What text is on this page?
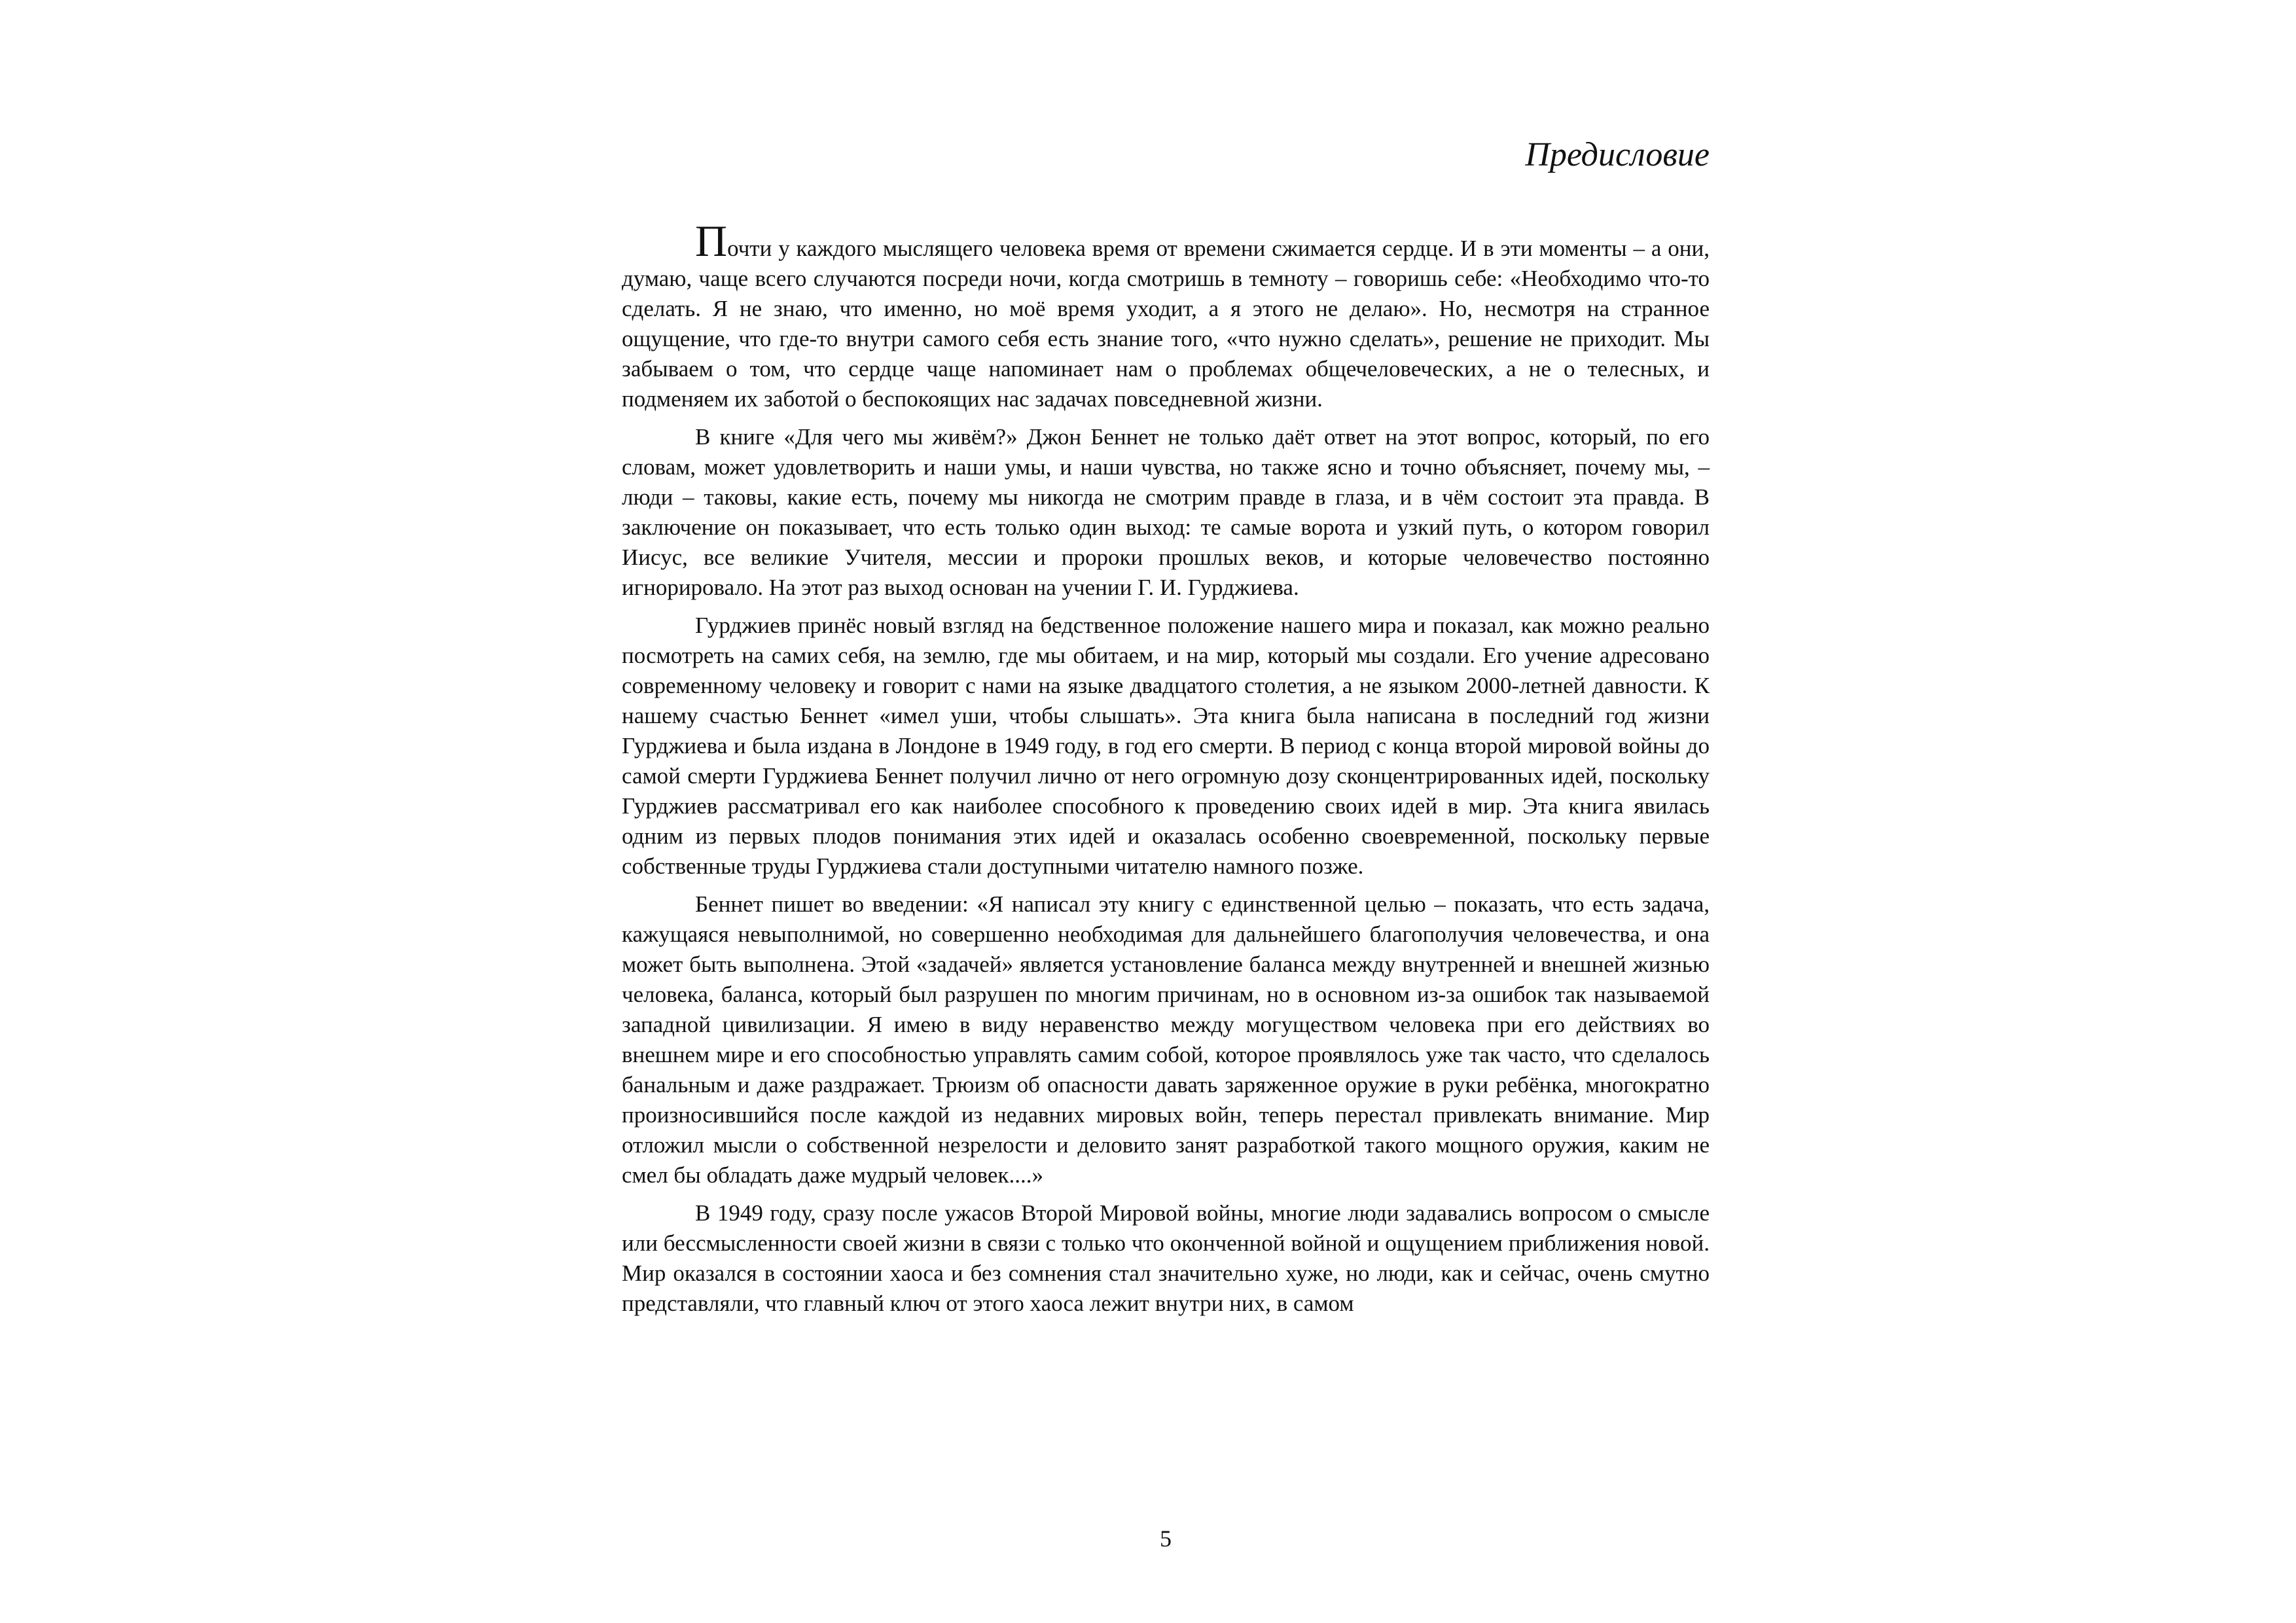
Предисловие

Почти у каждого мыслящего человека время от времени сжимается сердце. И в эти моменты – а они, думаю, чаще всего случаются посреди ночи, когда смотришь в темноту – говоришь себе: «Необходимо что-то сделать. Я не знаю, что именно, но моё время уходит, а я этого не делаю». Но, несмотря на странное ощущение, что где-то внутри самого себя есть знание того, «что нужно сделать», решение не приходит. Мы забываем о том, что сердце чаще напоминает нам о проблемах общечеловеческих, а не о телесных, и подменяем их заботой о беспокоящих нас задачах повседневной жизни.

В книге «Для чего мы живём?» Джон Беннет не только даёт ответ на этот вопрос, который, по его словам, может удовлетворить и наши умы, и наши чувства, но также ясно и точно объясняет, почему мы, – люди – таковы, какие есть, почему мы никогда не смотрим правде в глаза, и в чём состоит эта правда. В заключение он показывает, что есть только один выход: те самые ворота и узкий путь, о котором говорил Иисус, все великие Учителя, мессии и пророки прошлых веков, и которые человечество постоянно игнорировало. На этот раз выход основан на учении Г. И. Гурджиева.

Гурджиев принёс новый взгляд на бедственное положение нашего мира и показал, как можно реально посмотреть на самих себя, на землю, где мы обитаем, и на мир, который мы создали. Его учение адресовано современному человеку и говорит с нами на языке двадцатого столетия, а не языком 2000-летней давности. К нашему счастью Беннет «имел уши, чтобы слышать». Эта книга была написана в последний год жизни Гурджиева и была издана в Лондоне в 1949 году, в год его смерти. В период с конца второй мировой войны до самой смерти Гурджиева Беннет получил лично от него огромную дозу сконцентрированных идей, поскольку Гурджиев рассматривал его как наиболее способного к проведению своих идей в мир. Эта книга явилась одним из первых плодов понимания этих идей и оказалась особенно своевременной, поскольку первые собственные труды Гурджиева стали доступными читателю намного позже.

Беннет пишет во введении: «Я написал эту книгу с единственной целью – показать, что есть задача, кажущаяся невыполнимой, но совершенно необходимая для дальнейшего благополучия человечества, и она может быть выполнена. Этой «задачей» является установление баланса между внутренней и внешней жизнью человека, баланса, который был разрушен по многим причинам, но в основном из-за ошибок так называемой западной цивилизации. Я имею в виду неравенство между могуществом человека при его действиях во внешнем мире и его способностью управлять самим собой, которое проявлялось уже так часто, что сделалось банальным и даже раздражает. Трюизм об опасности давать заряженное оружие в руки ребёнка, многократно произносившийся после каждой из недавних мировых войн, теперь перестал привлекать внимание. Мир отложил мысли о собственной незрелости и деловито занят разработкой такого мощного оружия, каким не смел бы обладать даже мудрый человек....»

В 1949 году, сразу после ужасов Второй Мировой войны, многие люди задавались вопросом о смысле или бессмысленности своей жизни в связи с только что оконченной войной и ощущением приближения новой. Мир оказался в состоянии хаоса и без сомнения стал значительно хуже, но люди, как и сейчас, очень смутно представляли, что главный ключ от этого хаоса лежит внутри них, в самом

5
